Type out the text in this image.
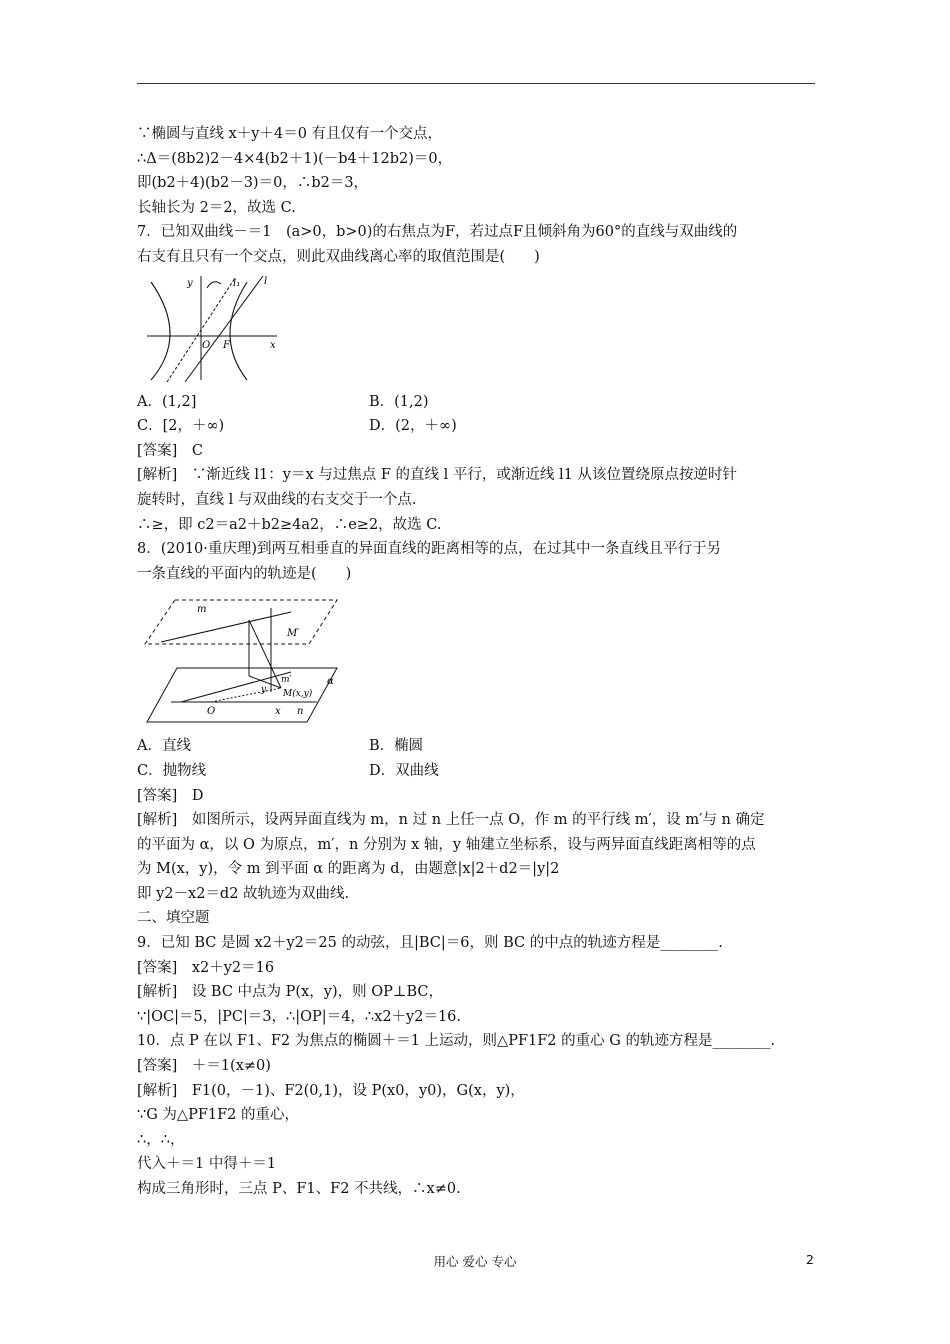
∵椭圆与直线 x＋y＋4＝0 有且仅有一个交点，
∴Δ＝(8b2)2－4×4(b2＋1)(－b4＋12b2)＝0，
即(b2＋4)(b2－3)＝0，∴b2＝3，
长轴长为 2＝2，故选 C.
7．已知双曲线－＝1　(a>0，b>0)的右焦点为F，若过点F且倾斜角为60°的直线与双曲线的
右支有且只有一个交点，则此双曲线离心率的取值范围是(　　)
y	l₁ l
O F	x
A．(1,2]	B．(1,2)
C．[2，＋∞)	D．(2，＋∞)
[答案]　C
[解析]　∵渐近线 l1：y＝x 与过焦点 F 的直线 l 平行，或渐近线 l1 从该位置绕原点按逆时针
旋转时，直线 l 与双曲线的右支交于一个点.
∴≥，即 c2＝a2＋b2≥4a2，∴e≥2，故选 C.
8．(2010·重庆理)到两互相垂直的异面直线的距离相等的点，在过其中一条直线且平行于另
一条直线的平面内的轨迹是(　　)
m
M′
α
m′
y M(x,y)
O	x n
A．直线	B．椭圆
C．抛物线	D．双曲线
[答案]　D
[解析]　如图所示，设两异面直线为 m，n 过 n 上任一点 O，作 m 的平行线 m′，设 m′与 n 确定
的平面为 α，以 O 为原点，m′，n 分别为 x 轴，y 轴建立坐标系，设与两异面直线距离相等的点
为 M(x，y)，令 m 到平面 α 的距离为 d，由题意|x|2＋d2＝|y|2
即 y2－x2＝d2 故轨迹为双曲线.
二、填空题
9．已知 BC 是圆 x2＋y2＝25 的动弦，且|BC|＝6，则 BC 的中点的轨迹方程是________.
[答案]　x2＋y2＝16
[解析]　设 BC 中点为 P(x，y)，则 OP⊥BC，
∵|OC|＝5，|PC|＝3，∴|OP|＝4，∴x2＋y2＝16.
10．点 P 在以 F1、F2 为焦点的椭圆＋＝1 上运动，则△PF1F2 的重心 G 的轨迹方程是________.
[答案]　＋＝1(x≠0)
[解析]　F1(0，－1)、F2(0,1)，设 P(x0，y0)，G(x，y)，
∵G 为△PF1F2 的重心，
∴，∴，
代入＋＝1 中得＋＝1
构成三角形时，三点 P、F1、F2 不共线，∴x≠0.
用心 爱心 专心	2
